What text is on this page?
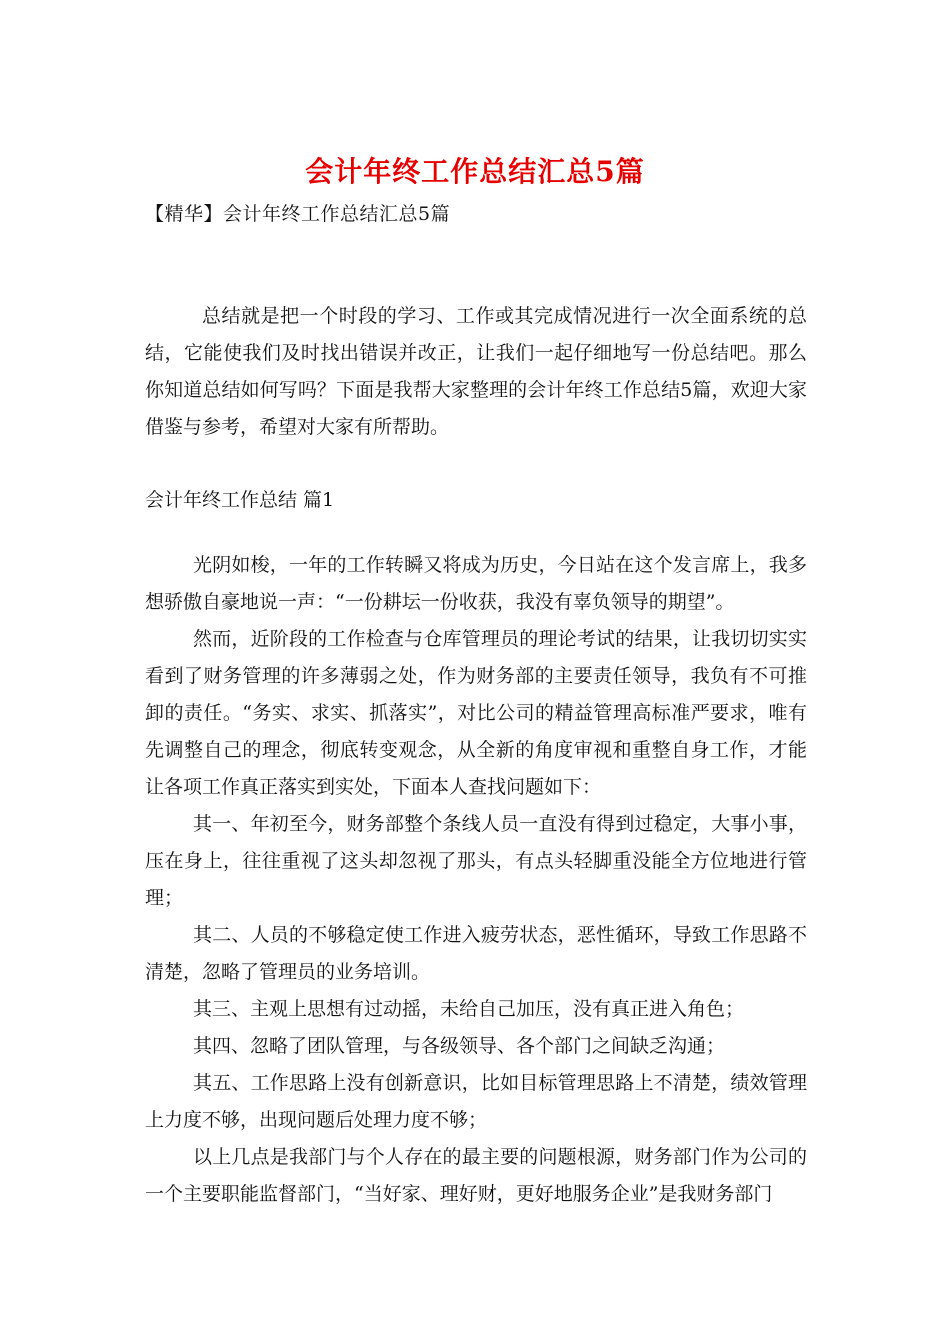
会计年终工作总结汇总5篇
【精华】会计年终工作总结汇总5篇
总结就是把一个时段的学习、工作或其完成情况进行一次全面系统的总结，它能使我们及时找出错误并改正，让我们一起仔细地写一份总结吧。那么你知道总结如何写吗？下面是我帮大家整理的会计年终工作总结5篇，欢迎大家借鉴与参考，希望对大家有所帮助。
会计年终工作总结 篇1

光阴如梭，一年的工作转瞬又将成为历史，今日站在这个发言席上，我多想骄傲自豪地说一声：“一份耕坛一份收获，我没有辜负领导的期望”。

然而，近阶段的工作检查与仓库管理员的理论考试的结果，让我切切实实看到了财务管理的许多薄弱之处，作为财务部的主要责任领导，我负有不可推卸的责任。“务实、求实、抓落实”，对比公司的精益管理高标准严要求，唯有先调整自己的理念，彻底转变观念，从全新的角度审视和重整自身工作，才能让各项工作真正落实到实处，下面本人查找问题如下：

其一、年初至今，财务部整个条线人员一直没有得到过稳定，大事小事，压在身上，往往重视了这头却忽视了那头，有点头轻脚重没能全方位地进行管理；

其二、人员的不够稳定使工作进入疲劳状态，恶性循环，导致工作思路不清楚，忽略了管理员的业务培训。

其三、主观上思想有过动摇，未给自己加压，没有真正进入角色；

其四、忽略了团队管理，与各级领导、各个部门之间缺乏沟通；

其五、工作思路上没有创新意识，比如目标管理思路上不清楚，绩效管理上力度不够，出现问题后处理力度不够；

以上几点是我部门与个人存在的最主要的问题根源，财务部门作为公司的一个主要职能监督部门，“当好家、理好财，更好地服务企业”是我财务部门
